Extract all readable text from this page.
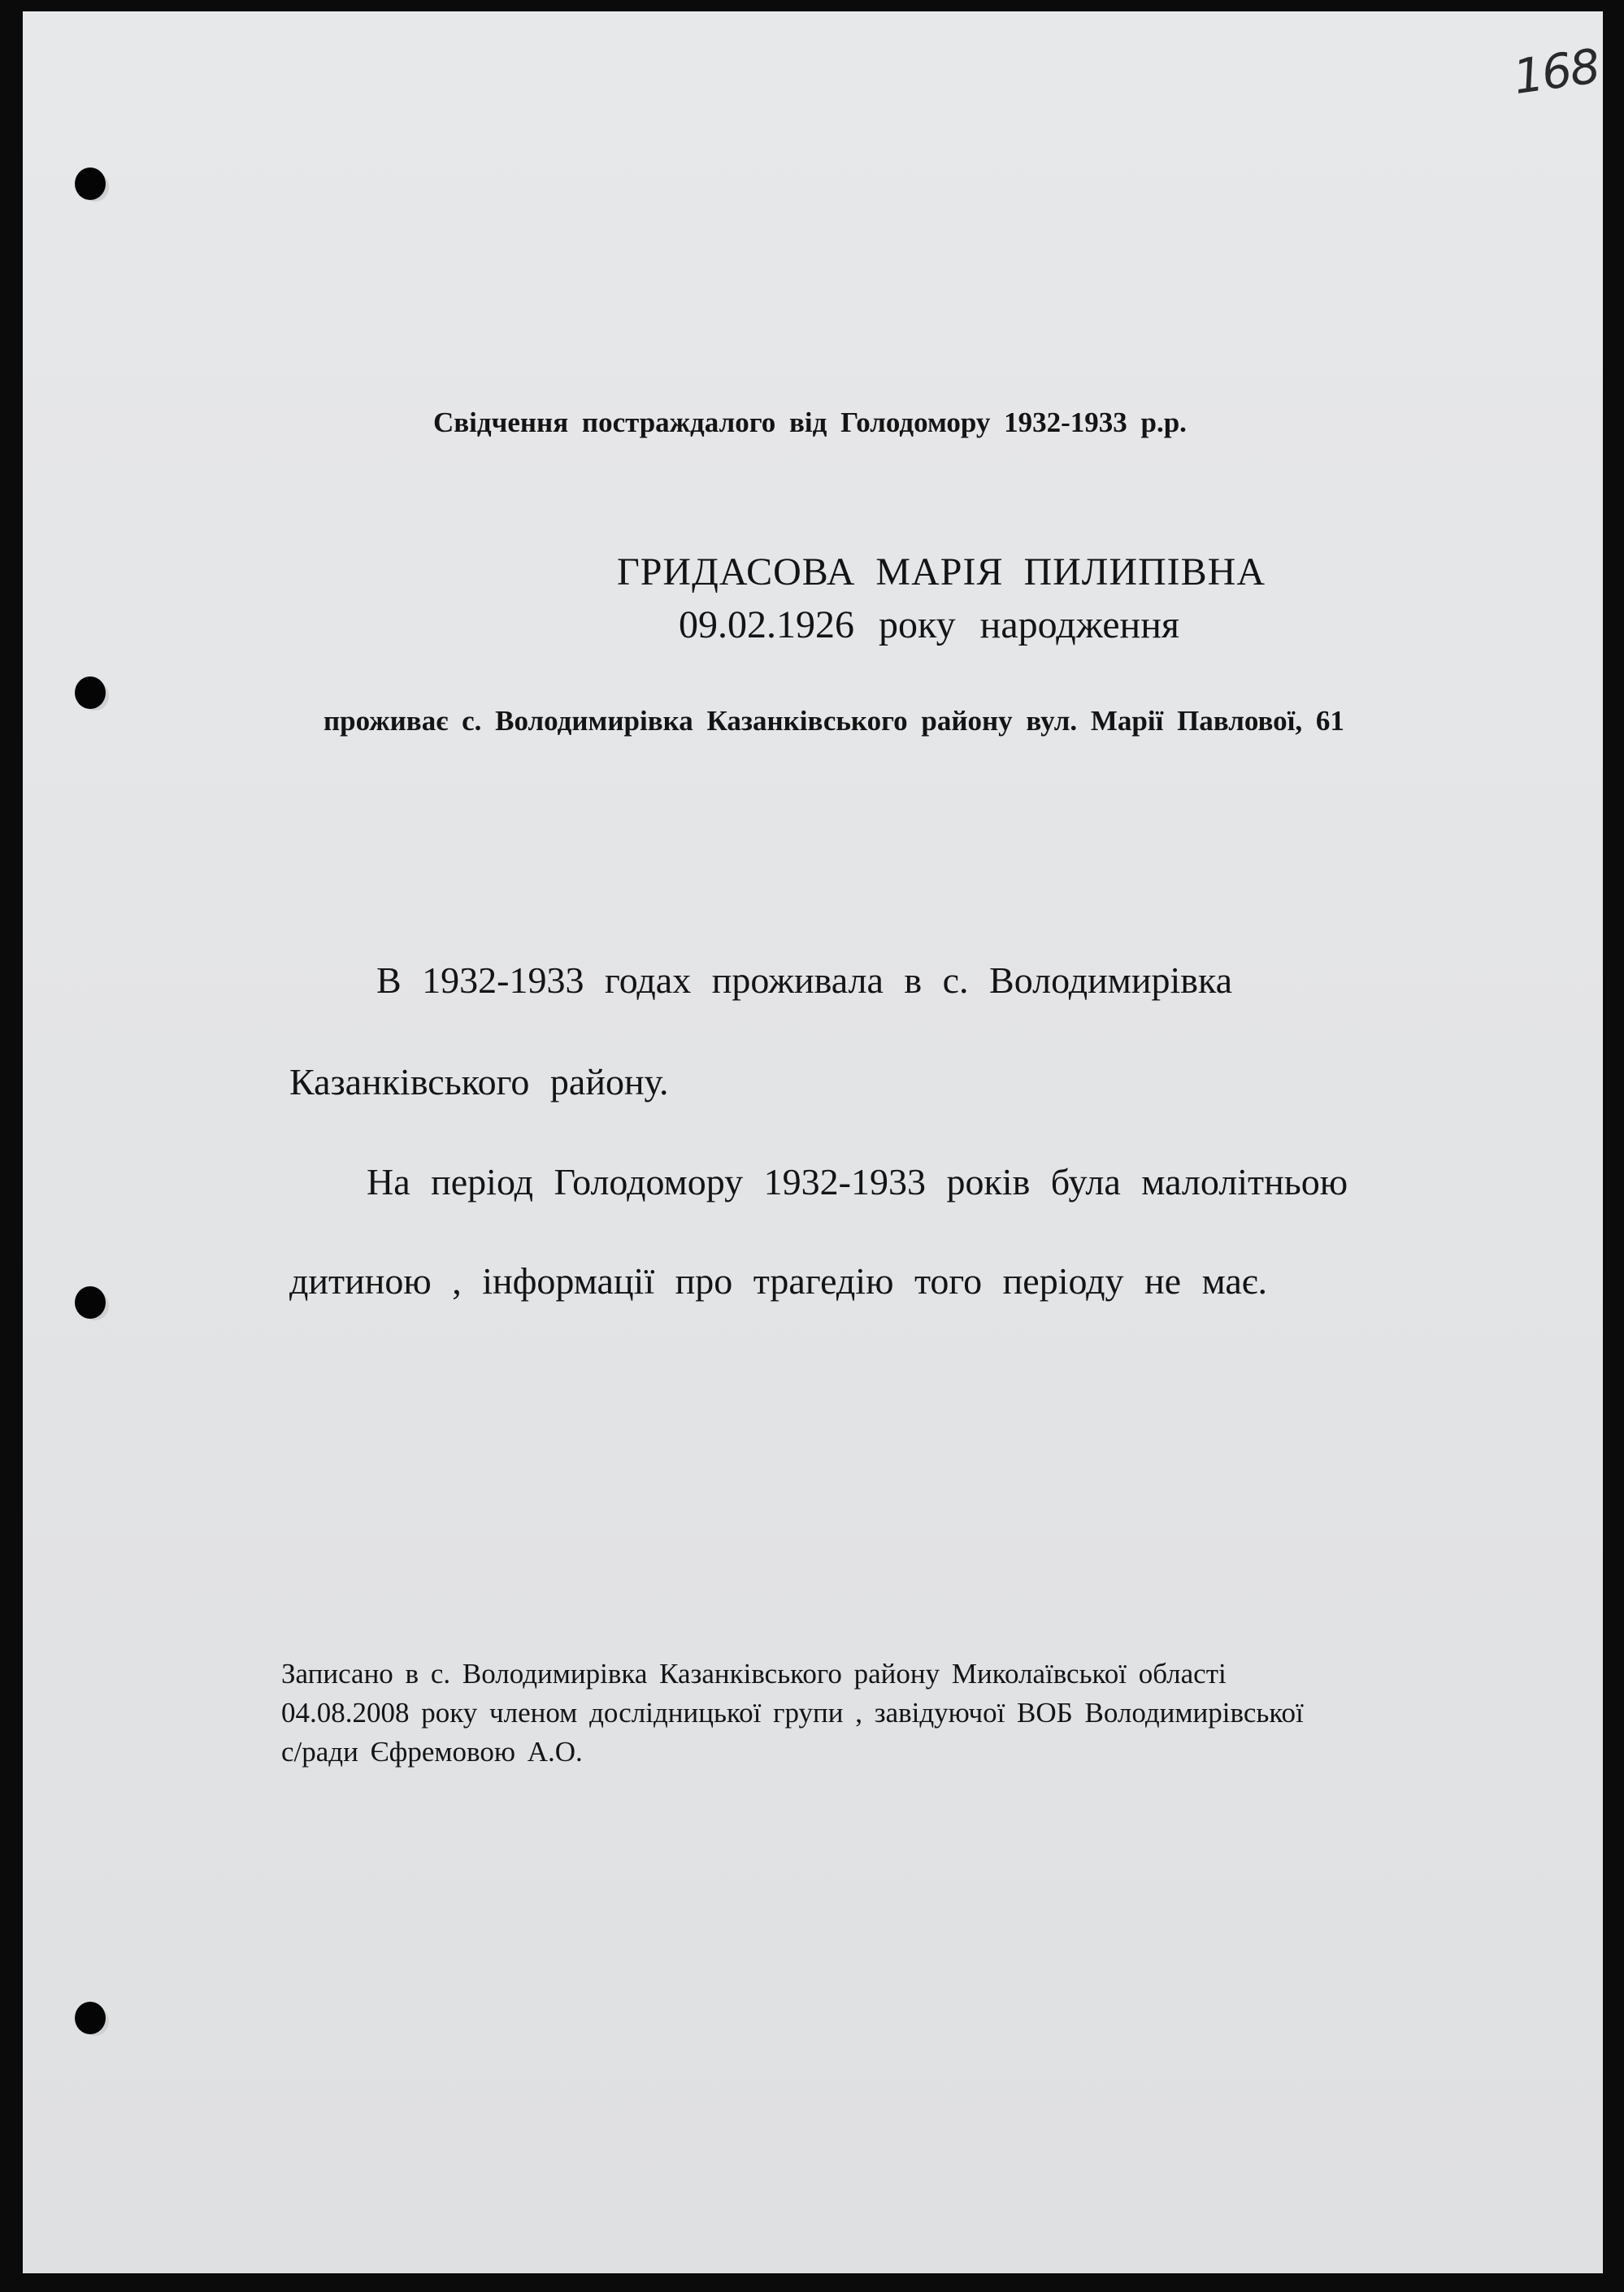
168
Свідчення постраждалого від Голодомору 1932-1933 р.р.
ГРИДАСОВА МАРІЯ ПИЛИПІВНА
09.02.1926 року народження
проживає с. Володимирівка Казанківського району вул. Марії Павлової, 61
В 1932-1933 годах проживала в с. Володимирівка
Казанківського району.
На період Голодомору 1932-1933 років була малолітньою
дитиною , інформації про трагедію того періоду не має.
Записано в с. Володимирівка Казанківського району Миколаївської області
04.08.2008 року членом дослідницької групи , завідуючої ВОБ Володимирівської
с/ради Єфремовою А.О.
